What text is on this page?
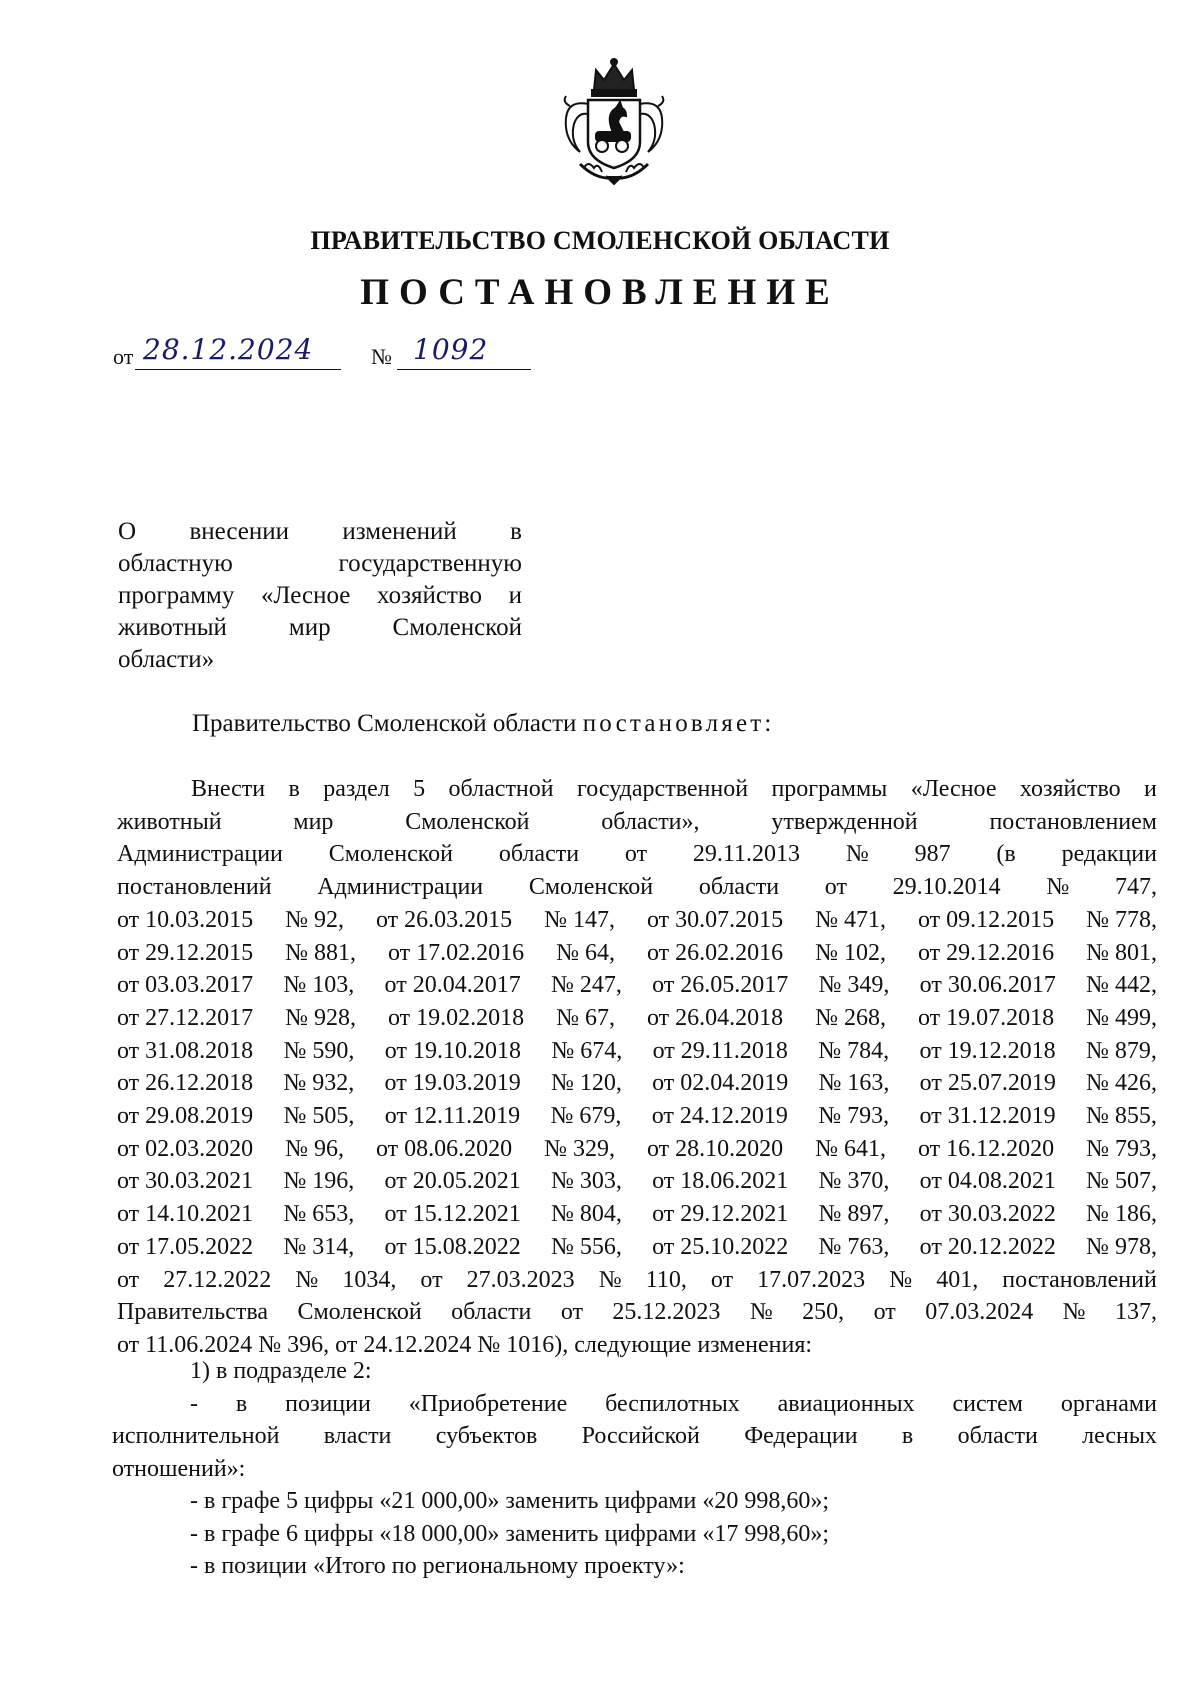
ПРАВИТЕЛЬСТВО СМОЛЕНСКОЙ ОБЛАСТИ
ПОСТАНОВЛЕНИЕ
от 28.12.2024	№ 1092
О внесении изменений в
областную	государственную
программу «Лесное хозяйство и
животный мир Смоленской
области»
Правительство Смоленской области постановляет:
Внести в раздел 5 областной государственной программы «Лесное хозяйство и
животный	мир	Смоленской	области»,	утвержденной	постановлением
Администрации Смоленской области от 29.11.2013 № 987 (в редакции
постановлений Администрации Смоленской области от 29.10.2014 № 747,
от 10.03.2015 № 92, от 26.03.2015 № 147, от 30.07.2015 № 471, от 09.12.2015 № 778,
от 29.12.2015 № 881, от 17.02.2016 № 64, от 26.02.2016 № 102, от 29.12.2016 № 801,
от 03.03.2017 № 103, от 20.04.2017 № 247, от 26.05.2017 № 349, от 30.06.2017 № 442,
от 27.12.2017 № 928, от 19.02.2018 № 67, от 26.04.2018 № 268, от 19.07.2018 № 499,
от 31.08.2018 № 590, от 19.10.2018 № 674, от 29.11.2018 № 784, от 19.12.2018 № 879,
от 26.12.2018 № 932, от 19.03.2019 № 120, от 02.04.2019 № 163, от 25.07.2019 № 426,
от 29.08.2019 № 505, от 12.11.2019 № 679, от 24.12.2019 № 793, от 31.12.2019 № 855,
от 02.03.2020 № 96, от 08.06.2020 № 329, от 28.10.2020 № 641, от 16.12.2020 № 793,
от 30.03.2021 № 196, от 20.05.2021 № 303, от 18.06.2021 № 370, от 04.08.2021 № 507,
от 14.10.2021 № 653, от 15.12.2021 № 804, от 29.12.2021 № 897, от 30.03.2022 № 186,
от 17.05.2022 № 314, от 15.08.2022 № 556, от 25.10.2022 № 763, от 20.12.2022 № 978,
от 27.12.2022 № 1034, от 27.03.2023 № 110, от 17.07.2023 № 401, постановлений
Правительства Смоленской области от 25.12.2023 № 250, от 07.03.2024 № 137,
от 11.06.2024 № 396, от 24.12.2024 № 1016), следующие изменения:
1) в подразделе 2:
- в позиции «Приобретение беспилотных авиационных систем органами
исполнительной власти субъектов Российской Федерации в области лесных
отношений»:
- в графе 5 цифры «21 000,00» заменить цифрами «20 998,60»;
- в графе 6 цифры «18 000,00» заменить цифрами «17 998,60»;
- в позиции «Итого по региональному проекту»:
